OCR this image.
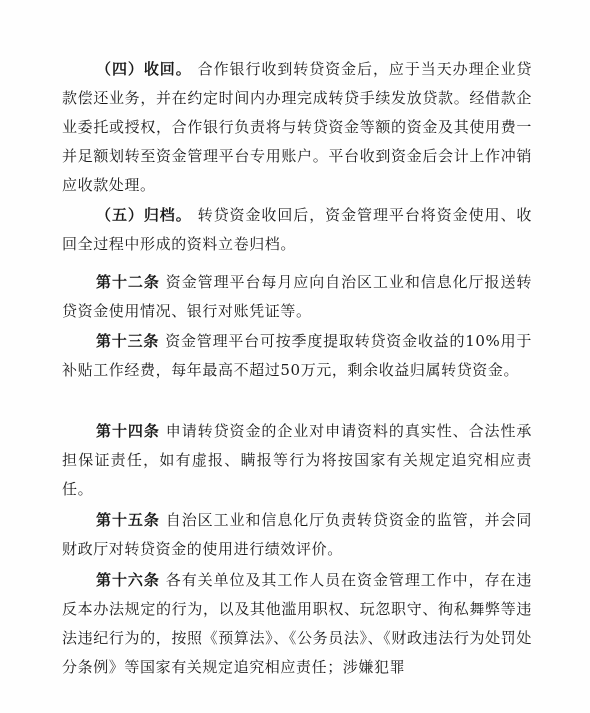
（四）收回。 合作银行收到转贷资金后，应于当天办理企业贷款偿还业务，并在约定时间内办理完成转贷手续发放贷款。经借款企业委托或授权，合作银行负责将与转贷资金等额的资金及其使用费一并足额划转至资金管理平台专用账户。平台收到资金后会计上作冲销应收款处理。

（五）归档。 转贷资金收回后，资金管理平台将资金使用、收回全过程中形成的资料立卷归档。

第十二条 资金管理平台每月应向自治区工业和信息化厅报送转贷资金使用情况、银行对账凭证等。

第十三条 资金管理平台可按季度提取转贷资金收益的10%用于补贴工作经费，每年最高不超过50万元，剩余收益归属转贷资金。

第十四条 申请转贷资金的企业对申请资料的真实性、合法性承担保证责任，如有虚报、瞒报等行为将按国家有关规定追究相应责任。

第十五条 自治区工业和信息化厅负责转贷资金的监管，并会同财政厅对转贷资金的使用进行绩效评价。

第十六条 各有关单位及其工作人员在资金管理工作中，存在违反本办法规定的行为，以及其他滥用职权、玩忽职守、徇私舞弊等违法违纪行为的，按照《预算法》、《公务员法》、《财政违法行为处罚处分条例》等国家有关规定追究相应责任；涉嫌犯罪
